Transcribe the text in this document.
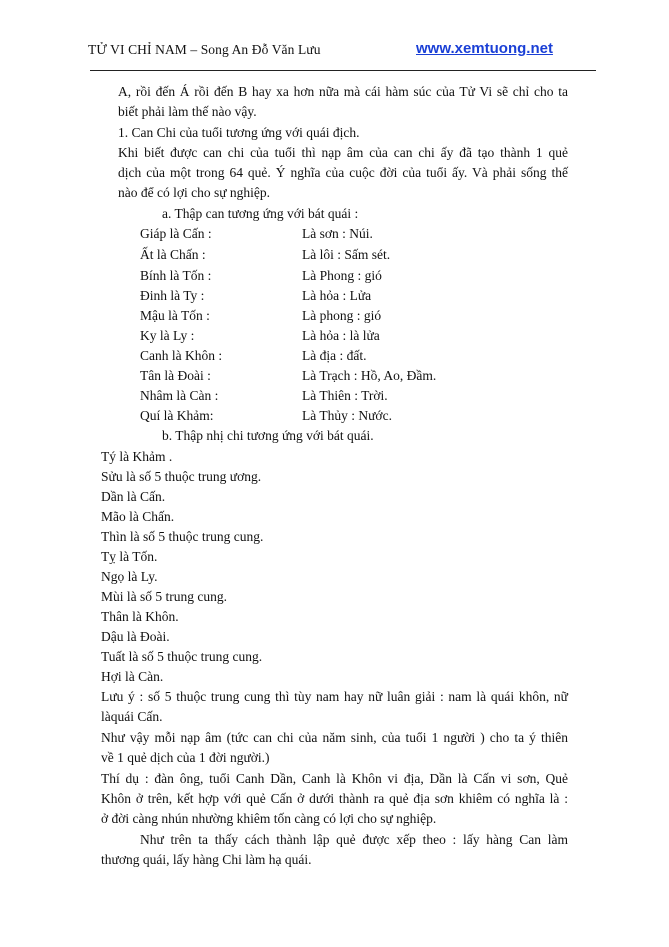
TỬ VI CHỈ NAM – Song An Đỗ Văn Lưu	www.xemtuong.net
A, rồi đến Á rồi đến B hay xa hơn nữa mà cái hàm súc của Tử Vi sẽ chỉ cho ta
biết phải làm thế nào vậy.
1. Can Chi của tuổi tương ứng với quái địch.
Khi biết được can chi của tuổi thì nạp âm của can chi ấy đã tạo thành 1 quẻ
dịch của một trong 64 quẻ. Ý nghĩa của cuộc đời của tuổi ấy. Và phải sống thế
nào để có lợi cho sự nghiệp.
a. Thập can tương ứng với bát quái :
Giáp là Cấn :	Là sơn : Núi.
Ất là Chấn :	Là lôi : Sấm sét.
Bính là Tốn :	Là Phong : gió
Đinh là Ty :	Là hỏa : Lửa
Mậu là Tốn :	Là phong : gió
Ky là Ly :	Là hỏa : là lửa
Canh là Khôn :	Là địa : đất.
Tân là Đoài :	Là Trạch : Hồ, Ao, Đầm.
Nhâm là Càn :	Là Thiên : Trời.
Quí là Khảm:	Là Thủy : Nước.
b. Thập nhị chi tương ứng với bát quái.
Tý là Khảm .
Sửu là số 5 thuộc trung ương.
Dần là Cấn.
Mão là Chấn.
Thìn là số 5 thuộc trung cung.
Tỵ là Tốn.
Ngọ là Ly.
Mùi là số 5 trung cung.
Thân là Khôn.
Dậu là Đoài.
Tuất là số 5 thuộc trung cung.
Hợi là Càn.
Lưu ý : số 5 thuộc trung cung thì tùy nam hay nữ luân giải : nam là quái khôn, nữ
làquái Cấn.
Như vậy mỗi nạp âm (tức can chi của năm sinh, của tuổi 1 người ) cho ta ý thiên
về 1 quẻ dịch của 1 đời người.)
Thí dụ : đàn ông, tuổi Canh Dần, Canh là Khôn vi địa, Dần là Cấn vi sơn, Quẻ
Khôn ở trên, kết hợp với quẻ Cấn ở dưới thành ra quẻ địa sơn khiêm có nghĩa là :
ở đời càng nhún nhường khiêm tốn càng có lợi cho sự nghiệp.
Như trên ta thấy cách thành lập quẻ được xếp theo : lấy hàng Can làm
thương quái, lấy hàng Chi làm hạ quái.
